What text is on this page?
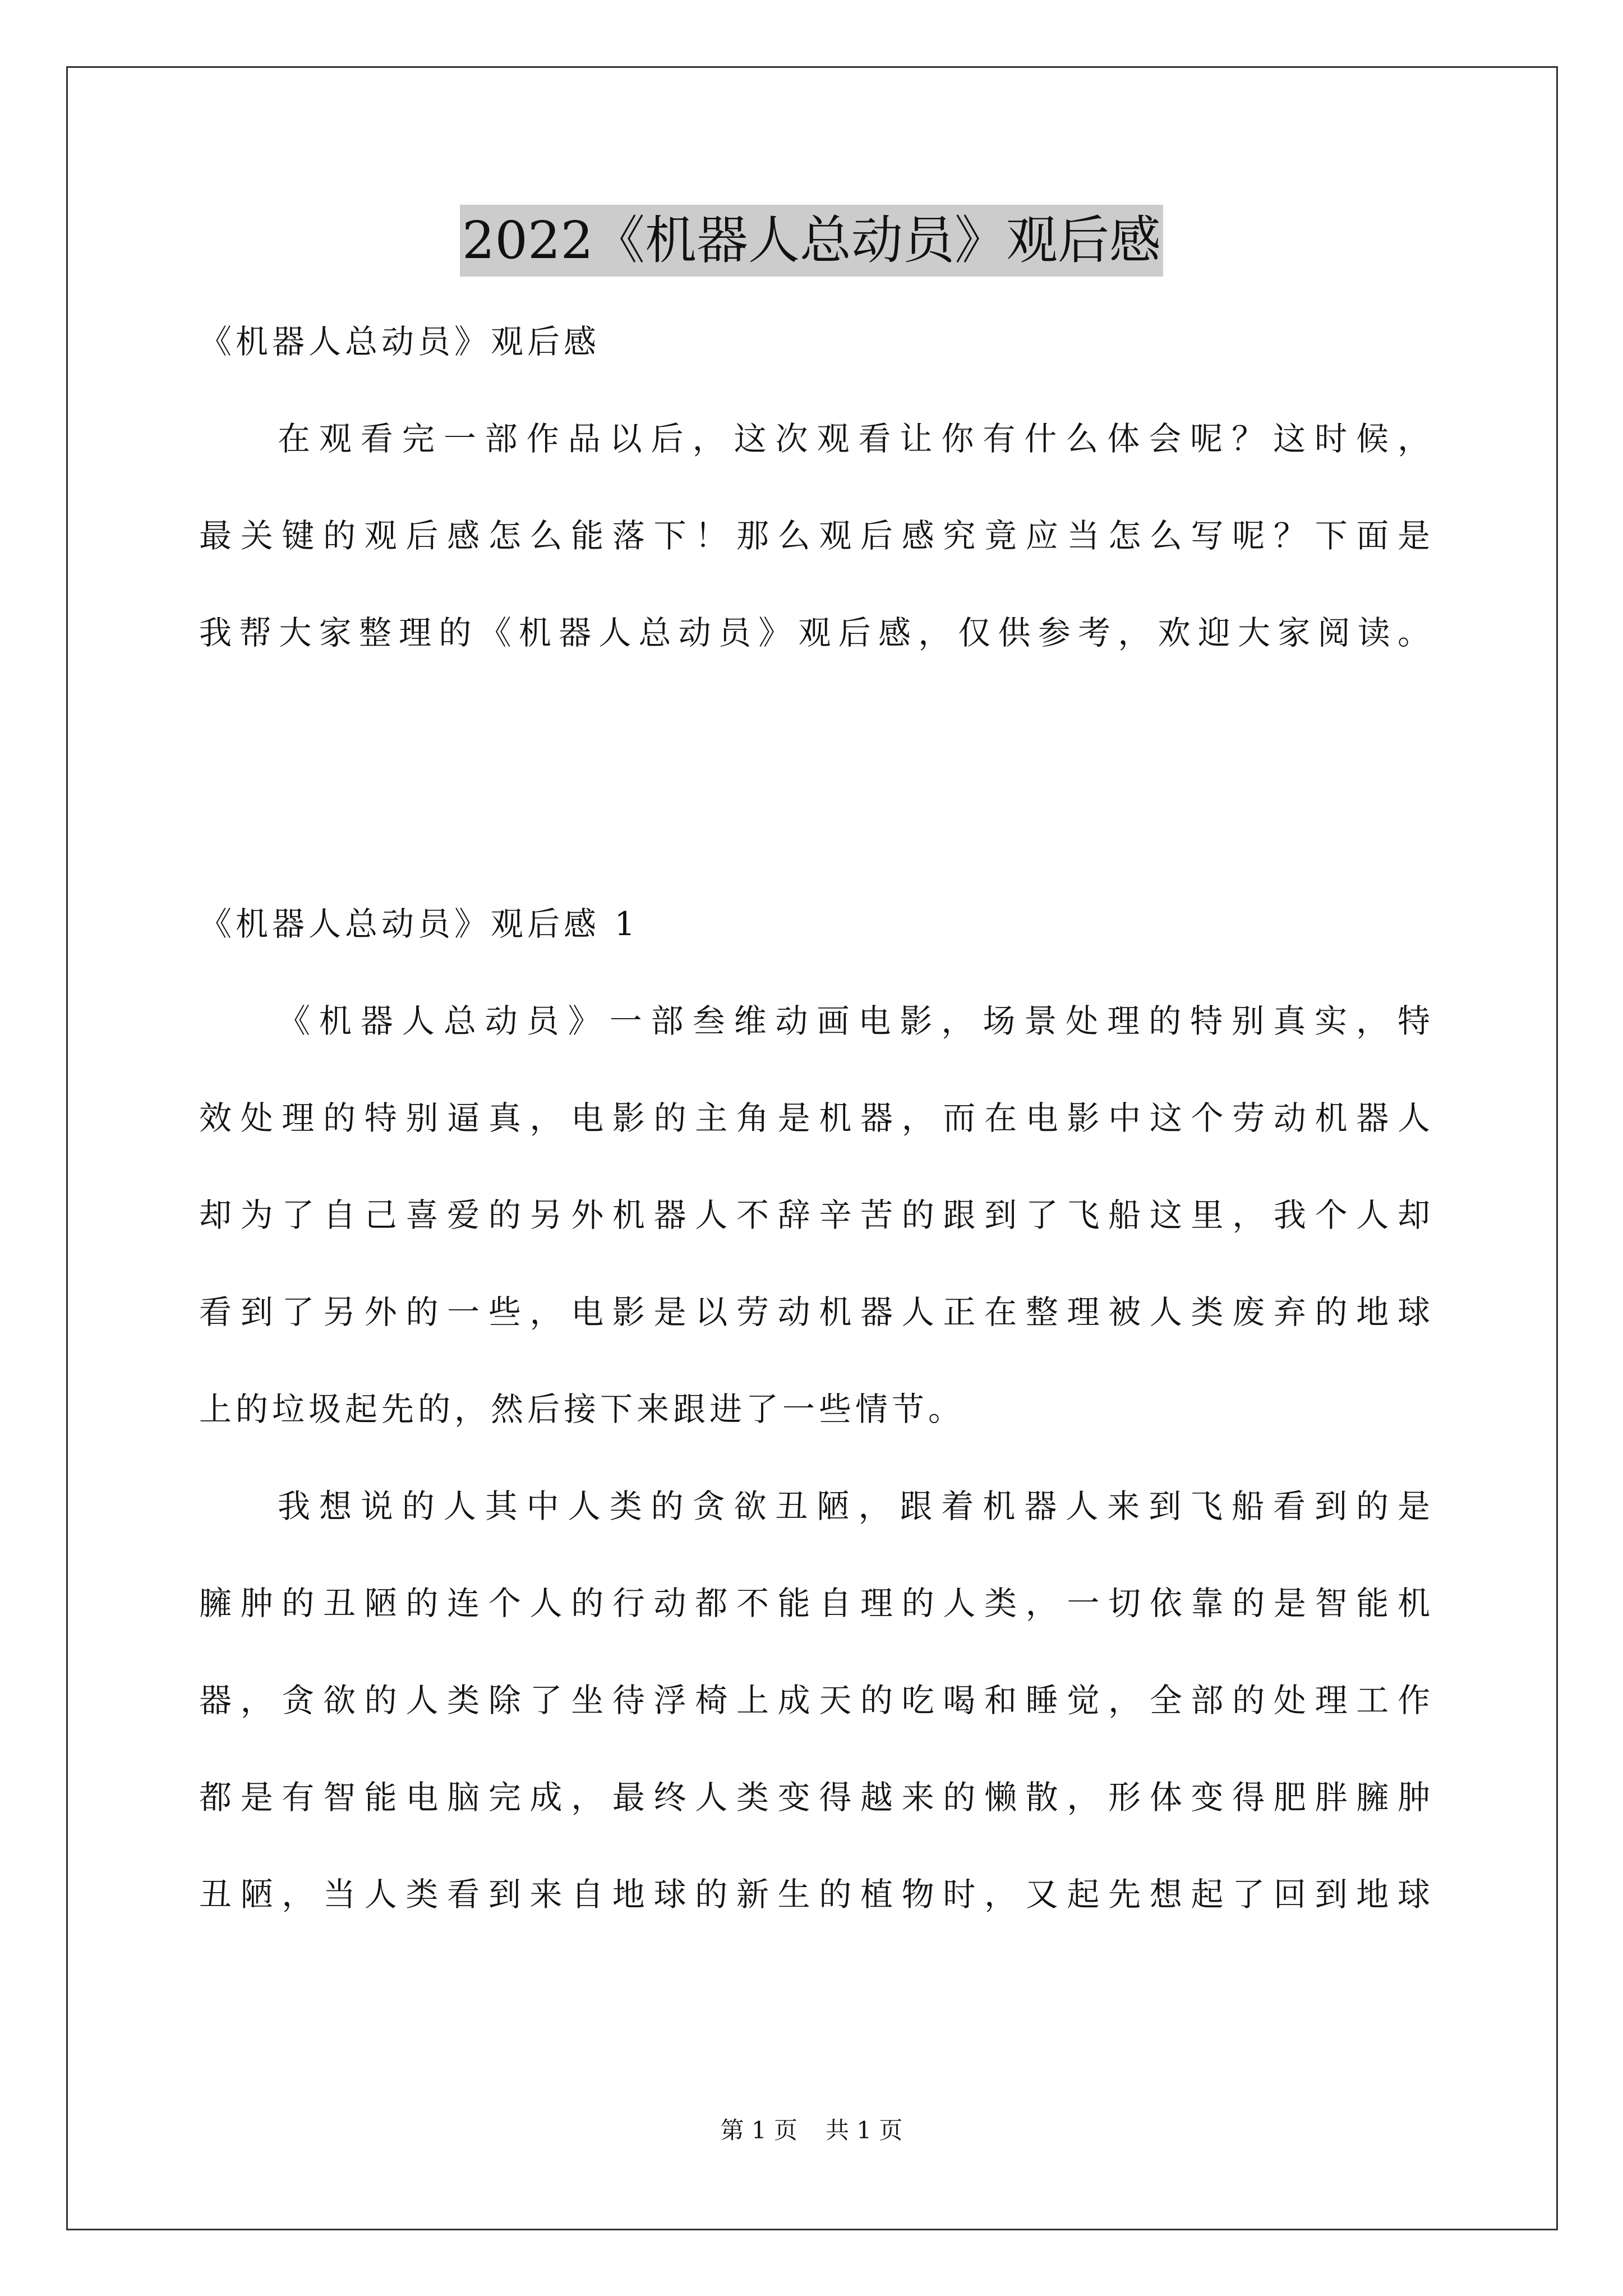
2022《机器人总动员》观后感
《机器人总动员》观后感
在观看完一部作品以后，这次观看让你有什么体会呢？这时候，
最关键的观后感怎么能落下！那么观后感究竟应当怎么写呢？下面是
我帮大家整理的《机器人总动员》观后感，仅供参考，欢迎大家阅读。
《机器人总动员》观后感 1
《机器人总动员》一部叁维动画电影，场景处理的特别真实，特
效处理的特别逼真，电影的主角是机器，而在电影中这个劳动机器人
却为了自己喜爱的另外机器人不辞辛苦的跟到了飞船这里，我个人却
看到了另外的一些，电影是以劳动机器人正在整理被人类废弃的地球
上的垃圾起先的，然后接下来跟进了一些情节。
我想说的人其中人类的贪欲丑陋，跟着机器人来到飞船看到的是
臃肿的丑陋的连个人的行动都不能自理的人类，一切依靠的是智能机
器，贪欲的人类除了坐待浮椅上成天的吃喝和睡觉，全部的处理工作
都是有智能电脑完成，最终人类变得越来的懒散，形体变得肥胖臃肿
丑陋，当人类看到来自地球的新生的植物时，又起先想起了回到地球
第 1 页 共 1 页
